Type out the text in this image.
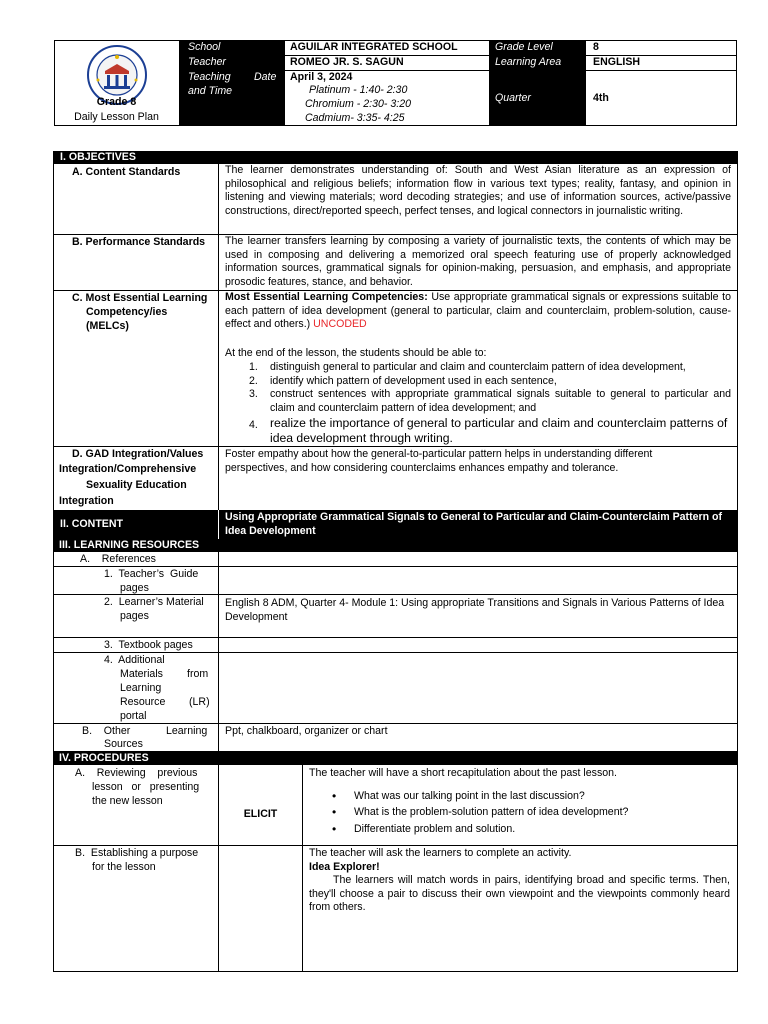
Grade 8
Daily Lesson Plan
School
Teacher
Teaching Date
and Time
AGUILAR INTEGRATED SCHOOL
ROMEO JR. S. SAGUN
April 3, 2024
Platinum - 1:40- 2:30
Chromium - 2:30- 3:20
Cadmium- 3:35- 4:25
Grade Level
Learning Area
Quarter
8
ENGLISH
4th
I. OBJECTIVES
A. Content Standards	The learner demonstrates understanding of: South and West Asian literature as an expression of philosophical and religious beliefs; information flow in various text types; reality, fantasy, and opinion in listening and viewing materials; word decoding strategies; and use of information sources, active/passive constructions, direct/reported speech, perfect tenses, and logical connectors in journalistic writing.
B. Performance Standards The learner transfers learning by composing a variety of journalistic texts, the contents of which may be used in composing and delivering a memorized oral speech featuring use of properly acknowledged information sources, grammatical signals for opinion-making, persuasion, and emphasis, and appropriate prosodic features, stance, and behavior.
C. Most Essential Learning
Competency/ies
(MELCs)
Most Essential Learning Competencies: Use appropriate grammatical signals or expressions suitable to each pattern of idea development (general to particular, claim and counterclaim, problem-solution, cause-effect and others.) UNCODED
At the end of the lesson, the students should be able to:
1. distinguish general to particular and claim and counterclaim pattern of idea development,
2. identify which pattern of development used in each sentence,
3. construct sentences with appropriate grammatical signals suitable to general to particular and claim and counterclaim pattern of idea development; and
4. realize the importance of general to particular and claim and counterclaim patterns of idea development through writing.
D. GAD Integration/Values
Integration/Comprehensive
Sexuality Education
Integration
Foster empathy about how the general-to-particular pattern helps in understanding different perspectives, and how considering counterclaims enhances empathy and tolerance.
II. CONTENT
Using Appropriate Grammatical Signals to General to Particular and Claim-Counterclaim Pattern of Idea Development
III. LEARNING RESOURCES
A.    References
1.  Teacher’s  Guide
pages
2.  Learner’s Material
pages
English 8 ADM, Quarter 4- Module 1: Using appropriate Transitions and Signals in Various Patterns of Idea Development
3.  Textbook pages
4.  Additional
Materials from
Learning
Resource (LR)
portal
B.    Other	Learning
Sources
Ppt, chalkboard, organizer or chart
IV. PROCEDURES
A.    Reviewing    previous
lesson   or   presenting
the new lesson
ELICIT
The teacher will have a short recapitulation about the past lesson.
• What was our talking point in the last discussion?
• What is the problem-solution pattern of idea development?
• Differentiate problem and solution.
B.  Establishing a purpose
for the lesson
The teacher will ask the learners to complete an activity.
Idea Explorer!
The learners will match words in pairs, identifying broad and specific terms. Then, they'll choose a pair to discuss their own viewpoint and the viewpoints commonly heard from others.
